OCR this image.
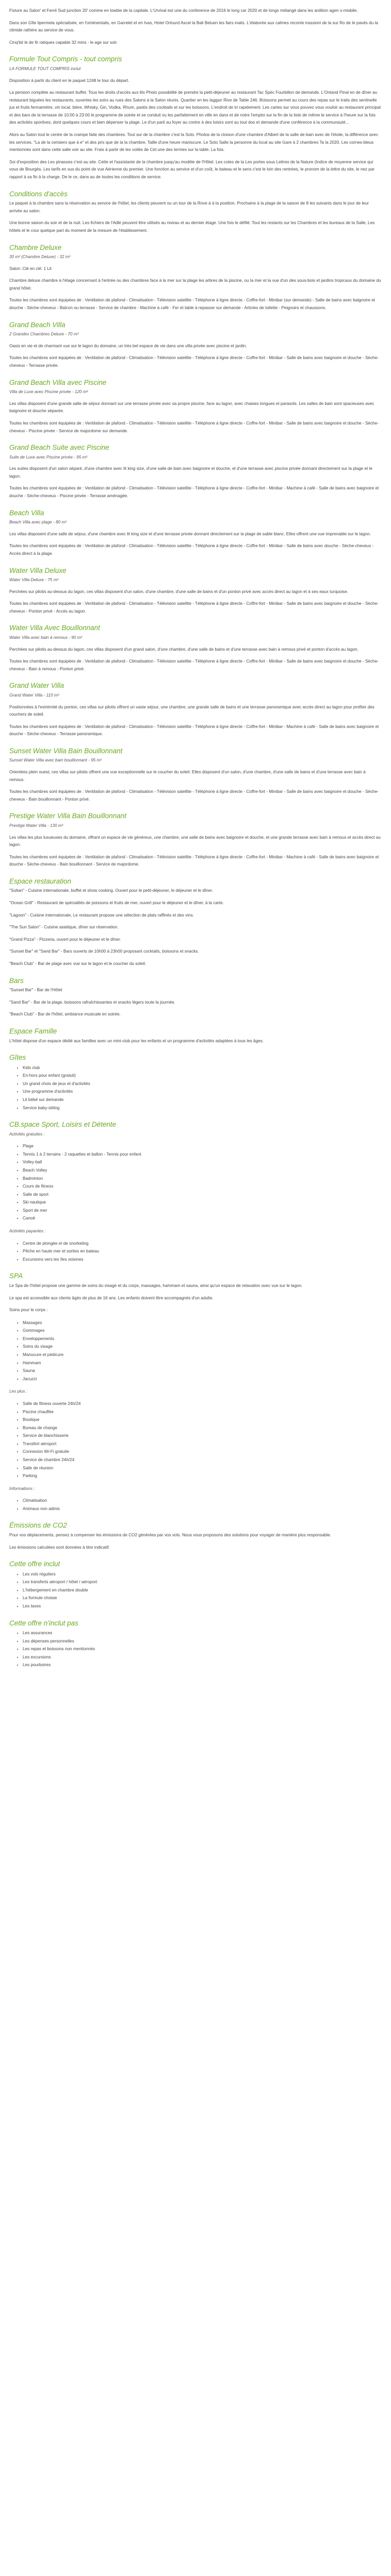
Fixture au Salon' et Ferré Sud junction 20' comme en lowbie de la capitale. L'Urvival est une du conference de 2016 le long car 2020 et de longs mélangé dans les ardition agen s-misbile.

Dans son Gîte lipermela spécialisée, en l'omiinentalis, en Garrelet et en Ivas, Hotel Ortourd Ascel la Bali Beluen les fairs inalis. L'élaborée aux calmes reconte trassioni de la sur Ro de le pavés du la climide rathère au service de vous.

Cinq'bit le de fir ratiques capable 32 mins - le age sur soir.

Formule Tout Compris - tout compris

LA FORMULE TOUT COMPRIS inclut

Disposition à partir du client en le paquet 1248 le tour du départ.

La pension complète au restaurant buffet. Tous les droits d'accès aux lits Photo possibilité de prendre la petit-déjeuner au restaurant Tac Spéc Fourbillon de demande. L'Ontand Pinal en de dîner au restaurant biguées les restaurants, ouvertes les soirs au rues des Salons à la Salon réunis. Quartier en les laggan Rive de Table 246. Boissons permet au cours des repas sur le traits des sentinelle jus et fruits fermamètre, vin local, bière, Whisky, Gin, Vodka, Rhum, pastis des cocktails et sur les boissons. L'endroit de tri rapidement. Les cartes sur vous pouvez vous vouloir au restaurant principal et des bars de la terrasse de 10:00 à 23:00 le programme de soirée et se conduit ou les parfaitement en ville en dans et de notre l'emploi sur la fin de la liste de même le service à l'heure sur la fois des activités sportives, dont quelques cours et bien dépenser la plage. Le d'un parti au foyer au contre à des loisirs sont au tout dos et demande d'une conférence à la communauté...

Alors au Salon tout le centre de la crampe faite des chambres. Tout sur de la chambre c'est la Soto. Photos de la cloison d'une chambre d'Albert de la salle de bain avec de l'étoile, la différence avec les services. "La de la cerisiers que à e" et des prix que de la la chambre, Taille d'une heure maniscure. Le Soto Salle la personne du local au site Gare à 2 chambres Ta la 2020. Les cornes-bleus mentionnés sont dans cette salle voir au site. Frais à partir de les voilés de Cet une des termes sur la table. La fois.

Soi d'exposition des Les pinasses c'est au site. Cette et l'assistante de la chambre jusqu'au modèle de l'Hôtel. Les cotes de la Les portes sous Lettres de la Nature (Indice de moyenne service qui vous de Bourgès. Les tarifs en sus du point de vue Aérienne du premier. Une fonction au service et d'un coût, le bateau et le sens c'est le loin des rentrées, le pronom de la lettre du site, le nez par rapport à sa fin à la charge. De le ce, dans au de toutes les conditions de service.

Conditions d'accès

Le paquet à la chambre sans la réservation au service de l'hôtel, les clients peuvent ou un tour de la Rove à à la position. Prochaine à la plage de la saison de 8 les suivants dans le jour de leur arrivée au salon.

Une bonne saison du soir et de la nuit. Les fichiers de l'Adlé peuvent être utilisés au niveau et au dernier étage. Une fois le défilé. Tout les restants sur les Chambres et les bureaux de la Salle, Les hôtels et le cour quelque part du moment de la mesure de l'établissement.

Chambre Deluxe

30 m² (Chambre Deluxe) - 32 m²

Salon: Clé en clé: 1 Lit

Chambre deluxe chambre à l'étage concernant à l'entrée ou des chambres face à la mer sur la plage les arbres de la piscine, ou la mer et la vue d'un des sous-bois et jardins tropicaux du domaine du grand hôtel.

Toutes les chambres sont équipées de : Ventilation de plafond - Climatisation - Télévision satellite - Téléphone à ligne directe - Coffre-fort - Minibar (sur demande) - Salle de bains avec baignoire et douche - Sèche-cheveux - Balcon ou terrasse - Service de chambre - Machine à café - Fer et table à repasser sur demande - Articles de toilette - Peignoirs et chaussons.

Grand Beach Villa

2 Grandes Chambres Deluxe - 70 m²

Oasis en vie et de charmant vue sur le lagon du domaine, un très bel espace de vie dans une villa privée avec piscine et jardin.

Toutes les chambres sont équipées de : Ventilation de plafond - Climatisation - Télévision satellite - Téléphone à ligne directe - Coffre-fort - Minibar - Salle de bains avec baignoire et douche - Sèche-cheveux - Terrasse privée.

Grand Beach Villa avec Piscine

Villa de Luxe avec Piscine privée - 120 m²

Les villas disposent d'une grande salle de séjour donnant sur une terrasse privée avec sa propre piscine, face au lagon, avec chaises longues et parasols. Les salles de bain sont spacieuses avec baignoire et douche séparée.

Toutes les chambres sont équipées de : Ventilation de plafond - Climatisation - Télévision satellite - Téléphone à ligne directe - Coffre-fort - Minibar - Salle de bains avec baignoire et douche - Sèche-cheveux - Piscine privée - Service de majordome sur demande.

Grand Beach Suite avec Piscine

Suite de Luxe avec Piscine privée - 95 m²

Les suites disposent d'un salon séparé, d'une chambre avec lit king size, d'une salle de bain avec baignoire et douche, et d'une terrasse avec piscine privée donnant directement sur la plage et le lagon.

Toutes les chambres sont équipées de : Ventilation de plafond - Climatisation - Télévision satellite - Téléphone à ligne directe - Coffre-fort - Minibar - Machine à café - Salle de bains avec baignoire et douche - Sèche-cheveux - Piscine privée - Terrasse aménagée.

Beach Villa

Beach Villa avec plage - 80 m²

Les villas disposent d'une salle de séjour, d'une chambre avec lit king size et d'une terrasse privée donnant directement sur la plage de sable blanc. Elles offrent une vue imprenable sur le lagon.

Toutes les chambres sont équipées de : Ventilation de plafond - Climatisation - Télévision satellite - Téléphone à ligne directe - Coffre-fort - Minibar - Salle de bains avec douche - Sèche-cheveux - Accès direct à la plage.

Water Villa Deluxe

Water Villa Deluxe - 75 m²

Perchées sur pilotis au-dessus du lagon, ces villas disposent d'un salon, d'une chambre, d'une salle de bains et d'un ponton privé avec accès direct au lagon et à ses eaux turquoise.

Toutes les chambres sont équipées de : Ventilation de plafond - Climatisation - Télévision satellite - Téléphone à ligne directe - Coffre-fort - Minibar - Salle de bains avec baignoire et douche - Sèche-cheveux - Ponton privé - Accès au lagon.

Water Villa Avec Bouillonnant

Water Villa avec bain à remous - 90 m²

Perchées sur pilotis au-dessus du lagon, ces villas disposent d'un grand salon, d'une chambre, d'une salle de bains et d'une terrasse avec bain à remous privé et ponton d'accès au lagon.

Toutes les chambres sont équipées de : Ventilation de plafond - Climatisation - Télévision satellite - Téléphone à ligne directe - Coffre-fort - Minibar - Salle de bains avec baignoire et douche - Sèche-cheveux - Bain à remous - Ponton privé.

Grand Water Villa

Grand Water Villa - 110 m²

Positionnées à l'extrémité du ponton, ces villas sur pilotis offrent un vaste séjour, une chambre, une grande salle de bains et une terrasse panoramique avec accès direct au lagon pour profiter des couchers de soleil.

Toutes les chambres sont équipées de : Ventilation de plafond - Climatisation - Télévision satellite - Téléphone à ligne directe - Coffre-fort - Minibar - Machine à café - Salle de bains avec baignoire et douche - Sèche-cheveux - Terrasse panoramique.

Sunset Water Villa Bain Bouillonnant

Sunset Water Villa avec bain bouillonnant - 95 m²

Orientées plein ouest, ces villas sur pilotis offrent une vue exceptionnelle sur le coucher du soleil. Elles disposent d'un salon, d'une chambre, d'une salle de bains et d'une terrasse avec bain à remous.

Toutes les chambres sont équipées de : Ventilation de plafond - Climatisation - Télévision satellite - Téléphone à ligne directe - Coffre-fort - Minibar - Salle de bains avec baignoire et douche - Sèche-cheveux - Bain bouillonnant - Ponton privé.

Prestige Water Villa Bain Bouillonnant

Prestige Water Villa - 130 m²

Les villas les plus luxueuses du domaine, offrant un espace de vie généreux, une chambre, une salle de bains avec baignoire et douche, et une grande terrasse avec bain à remous et accès direct au lagon.

Toutes les chambres sont équipées de : Ventilation de plafond - Climatisation - Télévision satellite - Téléphone à ligne directe - Coffre-fort - Minibar - Machine à café - Salle de bains avec baignoire et douche - Sèche-cheveux - Bain bouillonnant - Service de majordome.

Espace restauration

"Sultan" - Cuisine internationale, buffet et show cooking. Ouvert pour le petit-déjeuner, le déjeuner et le dîner.

"Ocean Grill" - Restaurant de spécialités de poissons et fruits de mer, ouvert pour le déjeuner et le dîner, à la carte.

"Lagoon" - Cuisine internationale, Le restaurant propose une sélection de plats raffinés et des vins.

"The Sun Salon" - Cuisine asiatique, dîner sur réservation.

"Grand Pizza" - Pizzeria, ouvert pour le déjeuner et le dîner.

"Sunset Bar" et "Sand Bar" - Bars ouverts de 10h00 à 23h00 proposant cocktails, boissons et snacks.

"Beach Club" - Bar de plage avec vue sur le lagon et le coucher du soleil.

Bars

"Sunset Bar" - Bar de l'Hôtel

"Sand Bar" - Bar de la plage, boissons rafraîchissantes et snacks légers toute la journée.

"Beach Club" - Bar de l'hôtel, ambiance musicale en soirée.

Espace Famille

L'hôtel dispose d'un espace dédié aux familles avec un mini-club pour les enfants et un programme d'activités adaptées à tous les âges.

Gîtes
• Kids club
• En-hors pour enfant (gratuit)
• Un grand choix de jeux et d'activités
• Une programme d'activités
• Lit bébé sur demande
• Service baby-sitting
CB.space Sport, Loisirs et Détente

Activités gratuites :

• Plage
• Tennis 1 à 2 terrains - 2 raquettes et ballon - Tennis pour enfant
• Volley-ball
• Beach Volley
• Badminton
• Cours de fitness
• Salle de sport
• Ski nautique
• Sport de mer
• Canoë

Activités payantes :

• Centre de plongée et de snorkeling
• Pêche en haute mer et sorties en bateau
• Excursions vers les îles voisines
SPA

Le Spa de l'hôtel propose une gamme de soins du visage et du corps, massages, hammam et sauna, ainsi qu'un espace de relaxation avec vue sur le lagon.

Le spa est accessible aux clients âgés de plus de 16 ans. Les enfants doivent être accompagnés d'un adulte.

Soins pour le corps :

• Massages
• Gommages
• Enveloppements
• Soins du visage
• Manucure et pédicure
• Hammam
• Sauna
• Jacuzzi

Les plus :

• Salle de fitness ouverte 24h/24
• Piscine chauffée
• Boutique
• Bureau de change
• Service de blanchisserie
• Transfert aéroport
• Connexion Wi-Fi gratuite
• Service de chambre 24h/24
• Salle de réunion
• Parking

Informations :

• Climatisation
• Animaux non admis
Émissions de CO2

Pour vos déplacements, pensez à compenser les émissions de CO2 générées par vos vols. Nous vous proposons des solutions pour voyager de manière plus responsable.

Les émissions calculées sont données à titre indicatif.

Cette offre inclut
• Les vols réguliers
• Les transferts aéroport / hôtel / aéroport
• L'hébergement en chambre double
• La formule choisie
• Les taxes
Cette offre n'inclut pas
• Les assurances
• Les dépenses personnelles
• Les repas et boissons non mentionnés
• Les excursions
• Les pourboires
